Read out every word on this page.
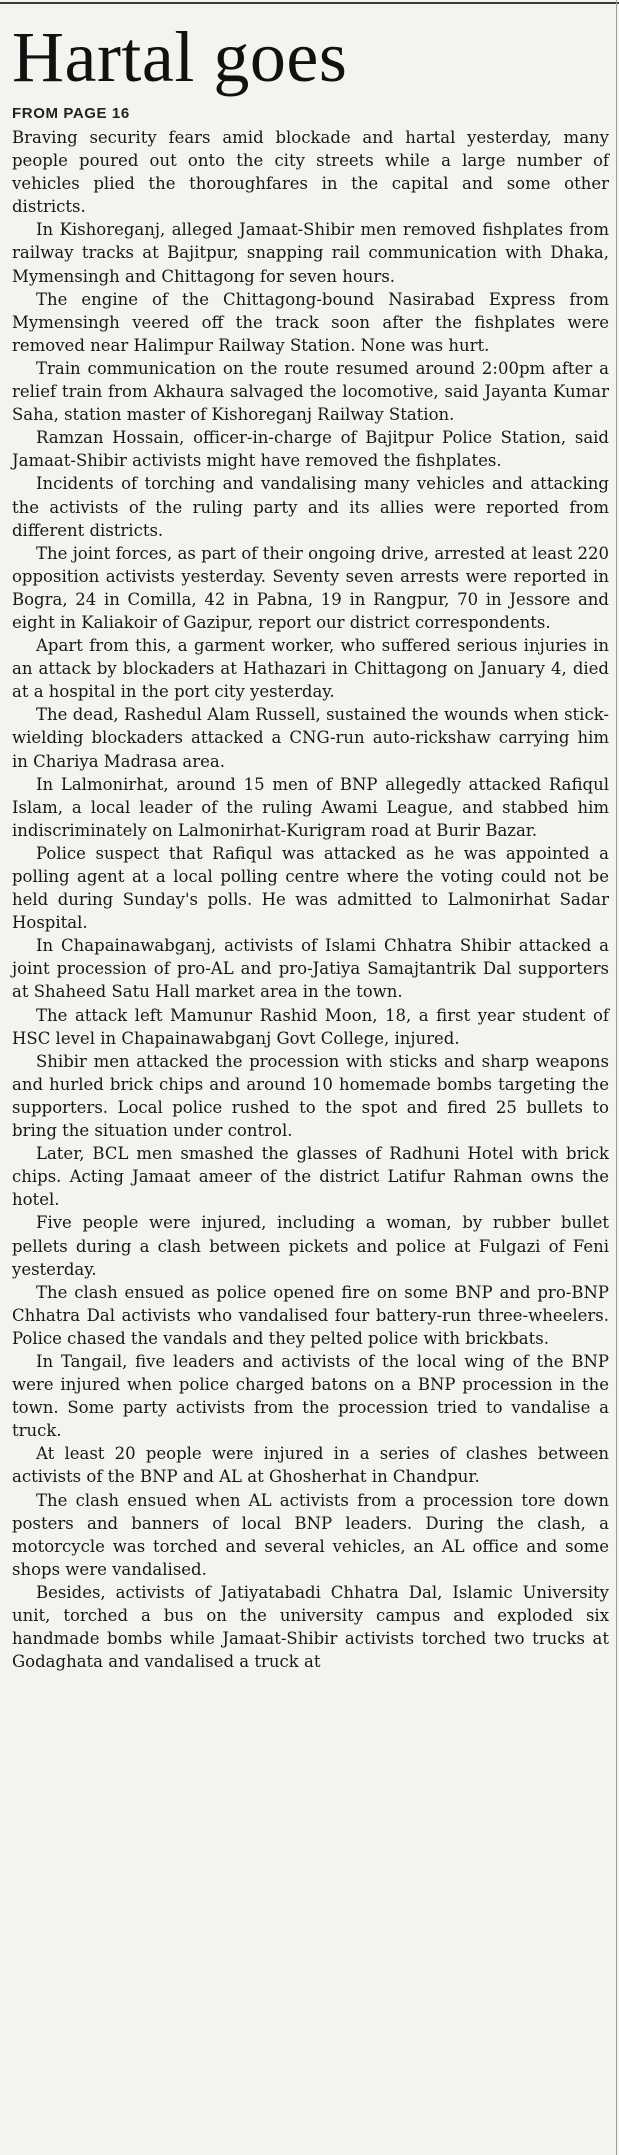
Hartal goes
FROM PAGE 16

Braving security fears amid blockade and hartal yesterday, many people poured out onto the city streets while a large number of vehicles plied the thoroughfares in the capital and some other districts.

In Kishoreganj, alleged Jamaat-Shibir men removed fishplates from railway tracks at Bajitpur, snapping rail communication with Dhaka, Mymensingh and Chittagong for seven hours.

The engine of the Chittagong-bound Nasirabad Express from Mymensingh veered off the track soon after the fishplates were removed near Halimpur Railway Station. None was hurt.

Train communication on the route resumed around 2:00pm after a relief train from Akhaura salvaged the locomotive, said Jayanta Kumar Saha, station master of Kishoreganj Railway Station.

Ramzan Hossain, officer-in-charge of Bajitpur Police Station, said Jamaat-Shibir activists might have removed the fishplates.

Incidents of torching and vandalising many vehicles and attacking the activists of the ruling party and its allies were reported from different districts.

The joint forces, as part of their ongoing drive, arrested at least 220 opposition activists yesterday. Seventy seven arrests were reported in Bogra, 24 in Comilla, 42 in Pabna, 19 in Rangpur, 70 in Jessore and eight in Kaliakoir of Gazipur, report our district correspondents.

Apart from this, a garment worker, who suffered serious injuries in an attack by blockaders at Hathazari in Chittagong on January 4, died at a hospital in the port city yesterday.

The dead, Rashedul Alam Russell, sustained the wounds when stick-wielding blockaders attacked a CNG-run auto-rickshaw carrying him in Chariya Madrasa area.

In Lalmonirhat, around 15 men of BNP allegedly attacked Rafiqul Islam, a local leader of the ruling Awami League, and stabbed him indiscriminately on Lalmonirhat-Kurigram road at Burir Bazar.

Police suspect that Rafiqul was attacked as he was appointed a polling agent at a local polling centre where the voting could not be held during Sunday's polls. He was admitted to Lalmonirhat Sadar Hospital.

In Chapainawabganj, activists of Islami Chhatra Shibir attacked a joint procession of pro-AL and pro-Jatiya Samajtantrik Dal supporters at Shaheed Satu Hall market area in the town.

The attack left Mamunur Rashid Moon, 18, a first year student of HSC level in Chapainawabganj Govt College, injured.

Shibir men attacked the procession with sticks and sharp weapons and hurled brick chips and around 10 homemade bombs targeting the supporters. Local police rushed to the spot and fired 25 bullets to bring the situation under control.

Later, BCL men smashed the glasses of Radhuni Hotel with brick chips. Acting Jamaat ameer of the district Latifur Rahman owns the hotel.

Five people were injured, including a woman, by rubber bullet pellets during a clash between pickets and police at Fulgazi of Feni yesterday.

The clash ensued as police opened fire on some BNP and pro-BNP Chhatra Dal activists who vandalised four battery-run three-wheelers. Police chased the vandals and they pelted police with brickbats.

In Tangail, five leaders and activists of the local wing of the BNP were injured when police charged batons on a BNP procession in the town. Some party activists from the procession tried to vandalise a truck.

At least 20 people were injured in a series of clashes between activists of the BNP and AL at Ghosherhat in Chandpur.

The clash ensued when AL activists from a procession tore down posters and banners of local BNP leaders. During the clash, a motorcycle was torched and several vehicles, an AL office and some shops were vandalised.

Besides, activists of Jatiyatabadi Chhatra Dal, Islamic University unit, torched a bus on the university campus and exploded six handmade bombs while Jamaat-Shibir activists torched two trucks at Godaghata and vandalised a truck at
